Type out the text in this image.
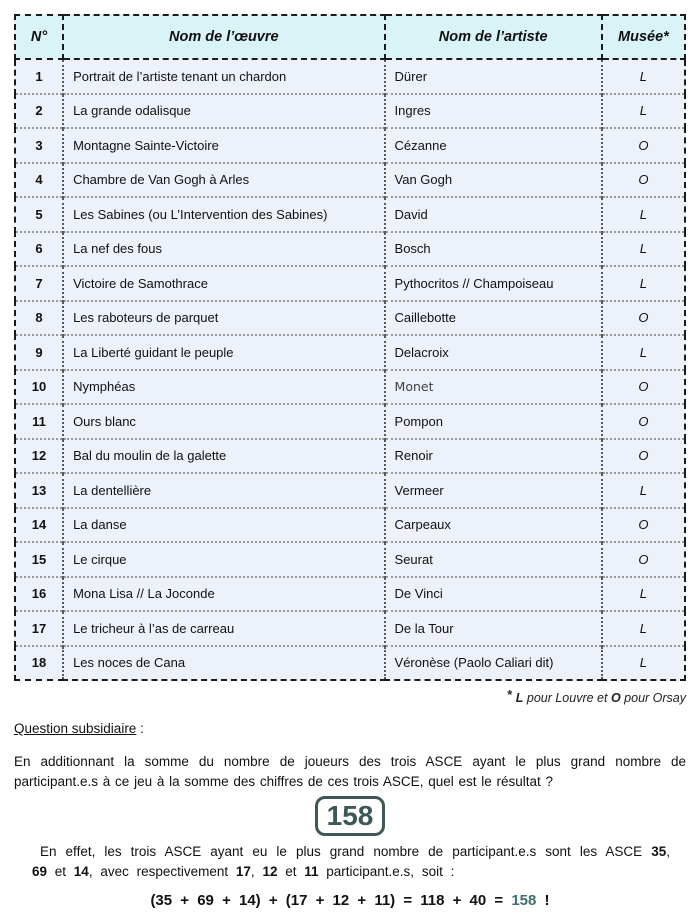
N°	Nom de l’œuvre	Nom de l’artiste	Musée*
1	Portrait de l’artiste tenant un chardon	Dürer	L
2	La grande odalisque	Ingres	L
3	Montagne Sainte-Victoire	Cézanne	O
4	Chambre de Van Gogh à Arles	Van Gogh	O
5	Les Sabines (ou L’Intervention des Sabines)	David	L
6	La nef des fous	Bosch	L
7	Victoire de Samothrace	Pythocritos // Champoiseau	L
8	Les raboteurs de parquet	Caillebotte	O
9	La Liberté guidant le peuple	Delacroix	L
10	Nymphéas	Monet	O
11	Ours blanc	Pompon	O
12	Bal du moulin de la galette	Renoir	O
13	La dentellière	Vermeer	L
14	La danse	Carpeaux	O
15	Le cirque	Seurat	O
16	Mona Lisa // La Joconde	De Vinci	L
17	Le tricheur à l’as de carreau	De la Tour	L
18	Les noces de Cana	Véronèse (Paolo Caliari dit)	L
* L pour Louvre et O pour Orsay
Question subsidiaire :

En additionnant la somme du nombre de joueurs des trois ASCE ayant le plus grand nombre de participant.e.s à ce jeu à la somme des chiffres de ces trois ASCE, quel est le résultat ?

158

En effet, les trois ASCE ayant eu le plus grand nombre de participant.e.s sont les ASCE 35, 69 et 14, avec respectivement 17, 12 et 11 participant.e.s, soit :

(35 + 69 + 14) + (17 + 12 + 11) = 118 + 40 = 158 !
